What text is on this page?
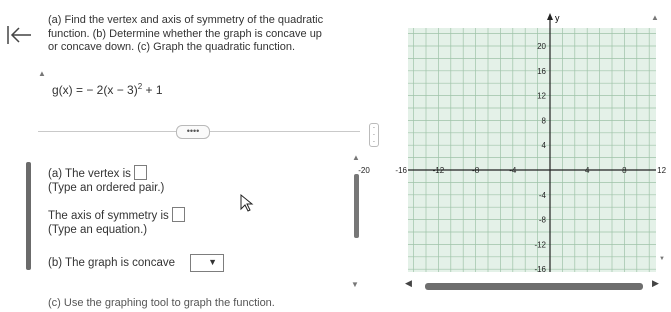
(a) Find the vertex and axis of symmetry of the quadratic
function. (b) Determine whether the graph is concave up
or concave down. (c) Graph the quadratic function.
▲
g(x) = − $2(x - 3)^2 + 1$
••••	·
·
·
(a) The vertex is
(Type an ordered pair.)
The axis of symmetry is
(Type an equation.)
(b) The graph is concave	▼
(c) Use the graphing tool to graph the function.
▲
▼
▲
▼
y
-20	-16	-12	-8	-4	4	8	12
20
16
12
8
4
-4
-8
-12
-16
◀	▶
